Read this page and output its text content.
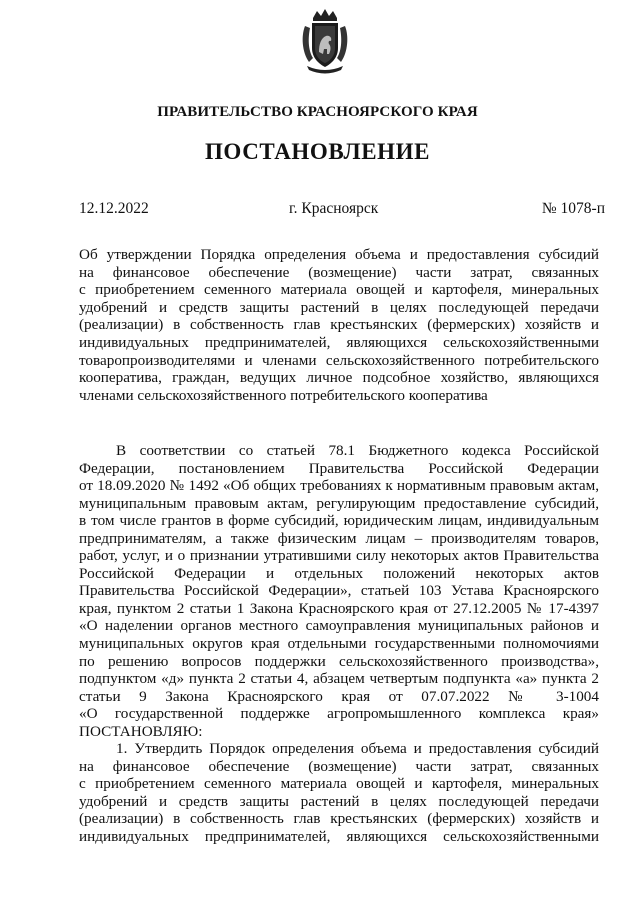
ПРАВИТЕЛЬСТВО КРАСНОЯРСКОГО КРАЯ
ПОСТАНОВЛЕНИЕ
12.12.2022	г. Красноярск	№ 1078-п
Об утверждении Порядка определения объема и предоставления субсидий
на финансовое обеспечение (возмещение) части затрат, связанных
с приобретением семенного материала овощей и картофеля, минеральных
удобрений и средств защиты растений в целях последующей передачи
(реализации) в собственность глав крестьянских (фермерских) хозяйств и
индивидуальных предпринимателей, являющихся сельскохозяйственными
товаропроизводителями и членами сельскохозяйственного потребительского
кооператива, граждан, ведущих личное подсобное хозяйство, являющихся
членами сельскохозяйственного потребительского кооператива
В соответствии со статьей 78.1 Бюджетного кодекса Российской
Федерации, постановлением Правительства Российской Федерации
от 18.09.2020 № 1492 «Об общих требованиях к нормативным правовым актам,
муниципальным правовым актам, регулирующим предоставление субсидий,
в том числе грантов в форме субсидий, юридическим лицам, индивидуальным
предпринимателям, а также физическим лицам – производителям товаров,
работ, услуг, и о признании утратившими силу некоторых актов Правительства
Российской Федерации и отдельных положений некоторых актов
Правительства Российской Федерации», статьей 103 Устава Красноярского
края, пунктом 2 статьи 1 Закона Красноярского края от 27.12.2005 № 17-4397
«О наделении органов местного самоуправления муниципальных районов и
муниципальных округов края отдельными государственными полномочиями
по решению вопросов поддержки сельскохозяйственного производства»,
подпунктом «д» пункта 2 статьи 4, абзацем четвертым подпункта «а» пункта 2
статьи 9 Закона Красноярского края от 07.07.2022 № 3-1004
«О государственной поддержке агропромышленного комплекса края»
ПОСТАНОВЛЯЮ:
1. Утвердить Порядок определения объема и предоставления субсидий
на финансовое обеспечение (возмещение) части затрат, связанных
с приобретением семенного материала овощей и картофеля, минеральных
удобрений и средств защиты растений в целях последующей передачи
(реализации) в собственность глав крестьянских (фермерских) хозяйств и
индивидуальных предпринимателей, являющихся сельскохозяйственными
